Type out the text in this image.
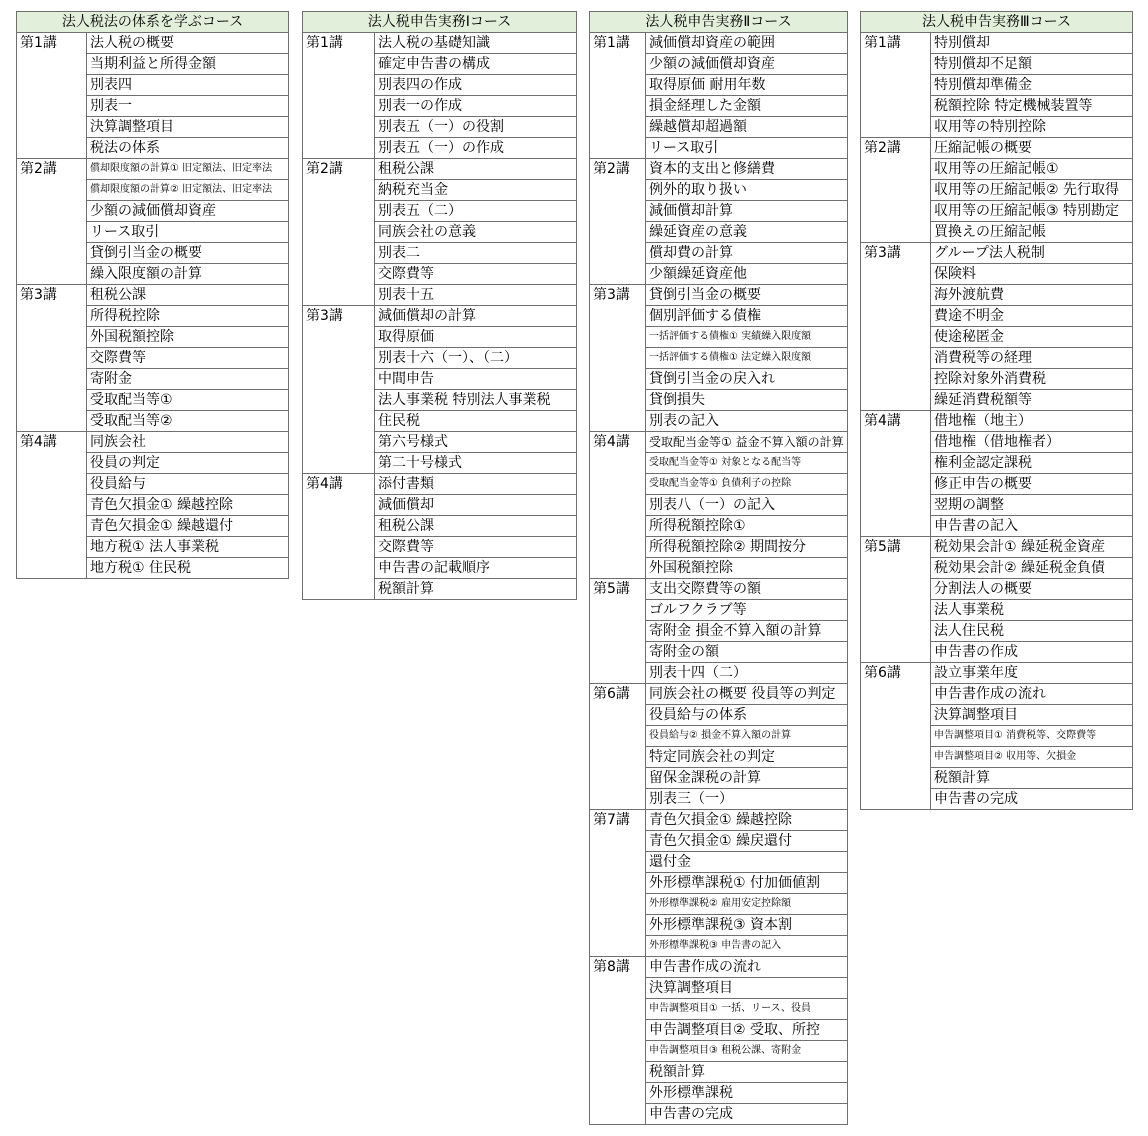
法人税法の体系を学ぶコース	
第1講	法人税の概要
	当期利益と所得金額
	別表四
	別表一
	決算調整項目
	税法の体系
第2講	償却限度額の計算① 旧定額法、旧定率法
	償却限度額の計算② 旧定額法、旧定率法
	少額の減価償却資産
	リース取引
	貸倒引当金の概要
	繰入限度額の計算
第3講	租税公課
	所得税控除
	外国税額控除
	交際費等
	寄附金
	受取配当等①
	受取配当等②
第4講	同族会社
	役員の判定
	役員給与
	青色欠損金① 繰越控除
	青色欠損金① 繰越還付
	地方税① 法人事業税
	地方税① 住民税
法人税申告実務Ⅰコース	
第1講	法人税の基礎知識
	確定申告書の構成
	別表四の作成
	別表一の作成
	別表五（一）の役割
	別表五（一）の作成
第2講	租税公課
	納税充当金
	別表五（二）
	同族会社の意義
	別表二
	交際費等
	別表十五
第3講	減価償却の計算
	取得原価
	別表十六（一）、（二）
	中間申告
	法人事業税 特別法人事業税
	住民税
	第六号様式
	第二十号様式
第4講	添付書類
	減価償却
	租税公課
	交際費等
	申告書の記載順序
	税額計算
法人税申告実務Ⅱコース	
第1講	減価償却資産の範囲
	少額の減価償却資産
	取得原価 耐用年数
	損金経理した金額
	繰越償却超過額
	リース取引
第2講	資本的支出と修繕費
	例外的取り扱い
	減価償却計算
	繰延資産の意義
	償却費の計算
	少額繰延資産他
第3講	貸倒引当金の概要
	個別評価する債権
	一括評価する債権① 実績繰入限度額
	一括評価する債権① 法定繰入限度額
	貸倒引当金の戻入れ
	貸倒損失
	別表の記入
第4講	受取配当金等① 益金不算入額の計算
	受取配当金等① 対象となる配当等
	受取配当金等① 負債利子の控除
	別表八（一）の記入
	所得税額控除①
	所得税額控除② 期間按分
	外国税額控除
第5講	支出交際費等の額
	ゴルフクラブ等
	寄附金 損金不算入額の計算
	寄附金の額
	別表十四（二）
第6講	同族会社の概要 役員等の判定
	役員給与の体系
	役員給与② 損金不算入額の計算
	特定同族会社の判定
	留保金課税の計算
	別表三（一）
第7講	青色欠損金① 繰越控除
	青色欠損金① 繰戻還付
	還付金
	外形標準課税① 付加価値割
	外形標準課税② 雇用安定控除額
	外形標準課税③ 資本割
	外形標準課税③ 申告書の記入
第8講	申告書作成の流れ
	決算調整項目
	申告調整項目① 一括、リース、役員
	申告調整項目② 受取、所控
	申告調整項目③ 租税公課、寄附金
	税額計算
	外形標準課税
	申告書の完成
法人税申告実務Ⅲコース	
第1講	特別償却
	特別償却不足額
	特別償却準備金
	税額控除 特定機械装置等
	収用等の特別控除
第2講	圧縮記帳の概要
	収用等の圧縮記帳①
	収用等の圧縮記帳② 先行取得
	収用等の圧縮記帳③ 特別勘定
	買換えの圧縮記帳
第3講	グループ法人税制
	保険料
	海外渡航費
	費途不明金
	使途秘匿金
	消費税等の経理
	控除対象外消費税
	繰延消費税額等
第4講	借地権（地主）
	借地権（借地権者）
	権利金認定課税
	修正申告の概要
	翌期の調整
	申告書の記入
第5講	税効果会計① 繰延税金資産
	税効果会計② 繰延税金負債
	分割法人の概要
	法人事業税
	法人住民税
	申告書の作成
第6講	設立事業年度
	申告書作成の流れ
	決算調整項目
	申告調整項目① 消費税等、交際費等
	申告調整項目② 収用等、欠損金
	税額計算
	申告書の完成
